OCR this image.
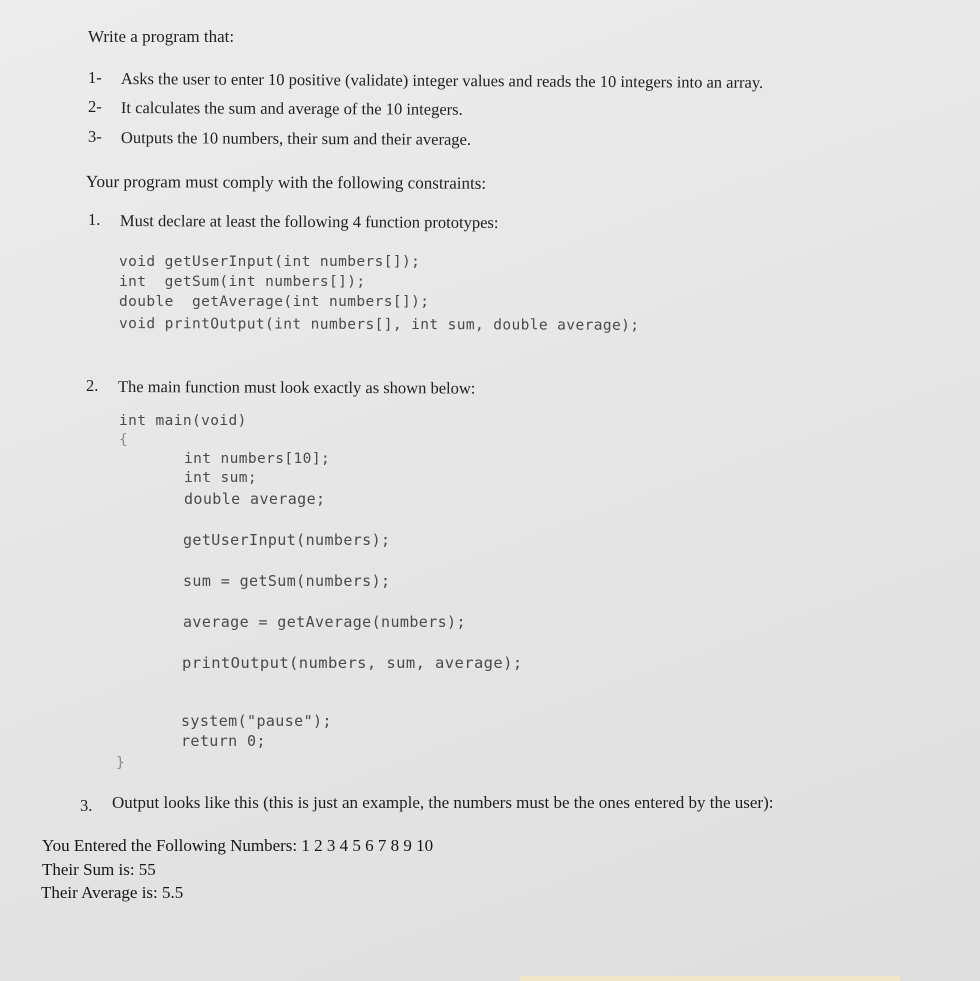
Write a program that:
1- Asks the user to enter 10 positive (validate) integer values and reads the 10 integers into an array.
2- It calculates the sum and average of the 10 integers.
3- Outputs the 10 numbers, their sum and their average.
Your program must comply with the following constraints:
1. Must declare at least the following 4 function prototypes:
void getUserInput(int numbers[]);
int  getSum(int numbers[]);
double  getAverage(int numbers[]);
void printOutput(int numbers[], int sum, double average);
2. The main function must look exactly as shown below:
int main(void)
{
int numbers[10];
int sum;
double average;
getUserInput(numbers);
sum = getSum(numbers);
average = getAverage(numbers);
printOutput(numbers, sum, average);
system("pause");
return 0;
}
3. Output looks like this (this is just an example, the numbers must be the ones entered by the user):
You Entered the Following Numbers: 1 2 3 4 5 6 7 8 9 10
Their Sum is: 55
Their Average is: 5.5
